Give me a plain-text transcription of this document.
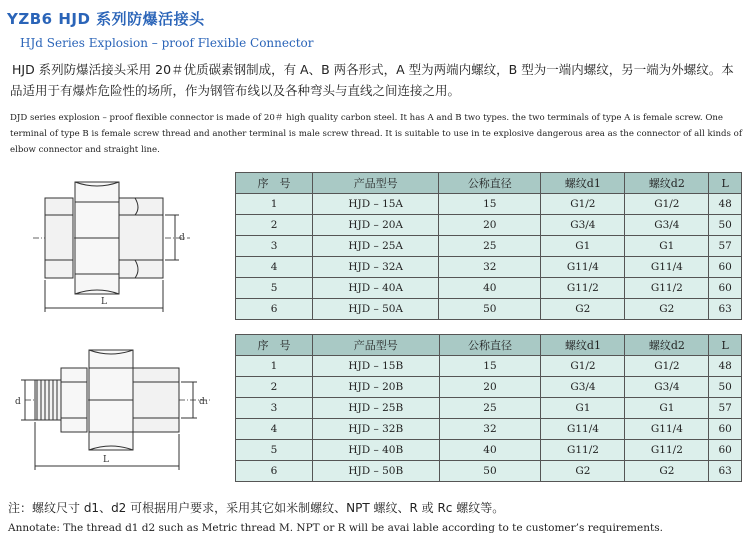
YZB6 HJD 系列防爆活接头
HJd Series Explosion – proof Flexible Connector
HJD 系列防爆活接头采用 20＃优质碳素钢制成，有 A、B 两各形式，A 型为两端内螺纹，B 型为一端内螺纹，另一端为外螺纹。本品适用于有爆炸危险性的场所，作为钢管布线以及各种弯头与直线之间连接之用。
DJD series explosion – proof flexible connector is made of 20＃ high quality carbon steel. It has A and B two types. the two terminals of type A is female screw. One terminal of type B is female screw thread and another terminal is male screw thread. It is suitable to use in te explosive dangerous area as the connector of all kinds of elbow connector and straight line.
d
L
d	d₁
L
序　号	产品型号	公称直径	螺纹d1	螺纹d2	L
1	HJD – 15A	15	G1/2	G1/2	48
2	HJD – 20A	20	G3/4	G3/4	50
3	HJD – 25A	25	G1	G1	57
4	HJD – 32A	32	G11/4	G11/4	60
5	HJD – 40A	40	G11/2	G11/2	60
6	HJD – 50A	50	G2	G2	63
序　号	产品型号	公称直径	螺纹d1	螺纹d2	L
1	HJD – 15B	15	G1/2	G1/2	48
2	HJD – 20B	20	G3/4	G3/4	50
3	HJD – 25B	25	G1	G1	57
4	HJD – 32B	32	G11/4	G11/4	60
5	HJD – 40B	40	G11/2	G11/2	60
6	HJD – 50B	50	G2	G2	63
注：螺纹尺寸 d1、d2 可根据用户要求，采用其它如米制螺纹、NPT 螺纹、R 或 Rc 螺纹等。
Annotate: The thread d1 d2 such as Metric thread M. NPT or R will be avai lable according to te customer’s requirements.
